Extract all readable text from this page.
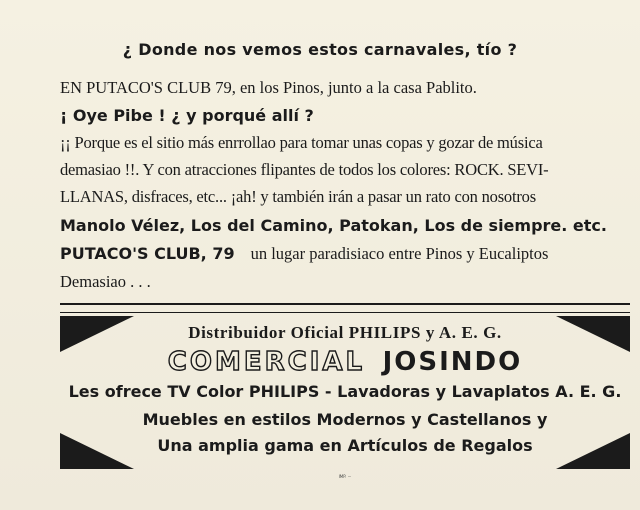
¿ Donde nos vemos estos carnavales, tío ?
EN PUTACO'S CLUB 79, en los Pinos, junto a la casa Pablito.
¡ Oye Pibe ! ¿ y porqué allí ?
¡¡ Porque es el sitio más enrrollao para tomar unas copas y gozar de música
demasiao !!. Y con atracciones flipantes de todos los colores: ROCK. SEVI-
LLANAS, disfraces, etc... ¡ah! y también irán a pasar un rato con nosotros
Manolo Vélez, Los del Camino, Patokan, Los de siempre. etc.
PUTACO'S CLUB, 79 un lugar paradisiaco entre Pinos y Eucaliptos
Demasiao . . .
Distribuidor Oficial PHILIPS y A. E. G.
COMERCIAL JOSINDO
Les ofrece TV Color PHILIPS - Lavadoras y Lavaplatos A. E. G.
Muebles en estilos Modernos y Castellanos y
Una amplia gama en Artículos de Regalos
IMP. ···
